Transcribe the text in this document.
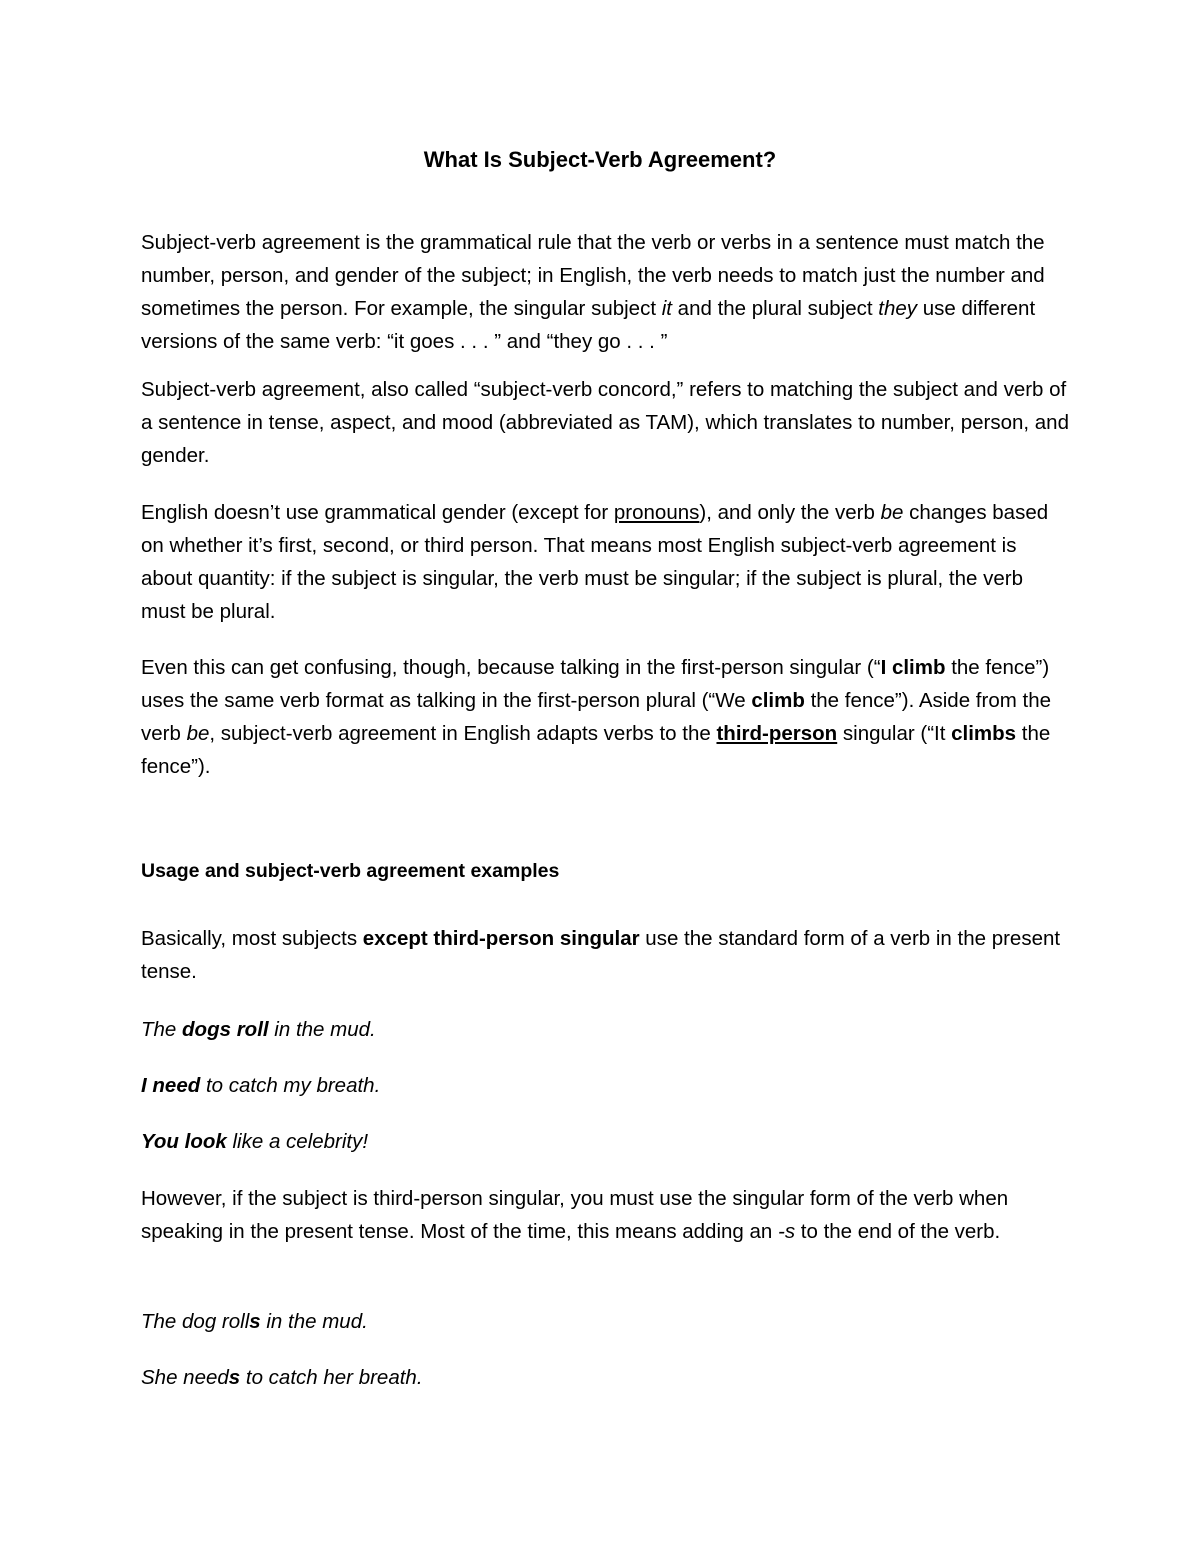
What Is Subject-Verb Agreement?

Subject-verb agreement is the grammatical rule that the verb or verbs in a sentence must match the number, person, and gender of the subject; in English, the verb needs to match just the number and sometimes the person. For example, the singular subject it and the plural subject they use different versions of the same verb: “it goes . . . ” and “they go . . . ”

Subject-verb agreement, also called “subject-verb concord,” refers to matching the subject and verb of a sentence in tense, aspect, and mood (abbreviated as TAM), which translates to number, person, and gender.

English doesn’t use grammatical gender (except for pronouns), and only the verb be changes based on whether it’s first, second, or third person. That means most English subject-verb agreement is about quantity: if the subject is singular, the verb must be singular; if the subject is plural, the verb must be plural.

Even this can get confusing, though, because talking in the first-person singular (“I climb the fence”) uses the same verb format as talking in the first-person plural (“We climb the fence”). Aside from the verb be, subject-verb agreement in English adapts verbs to the third-person singular (“It climbs the fence”).

Usage and subject-verb agreement examples

Basically, most subjects except third-person singular use the standard form of a verb in the present tense.

The dogs roll in the mud.

I need to catch my breath.

You look like a celebrity!

However, if the subject is third-person singular, you must use the singular form of the verb when speaking in the present tense. Most of the time, this means adding an -s to the end of the verb.

The dog rolls in the mud.

She needs to catch her breath.
